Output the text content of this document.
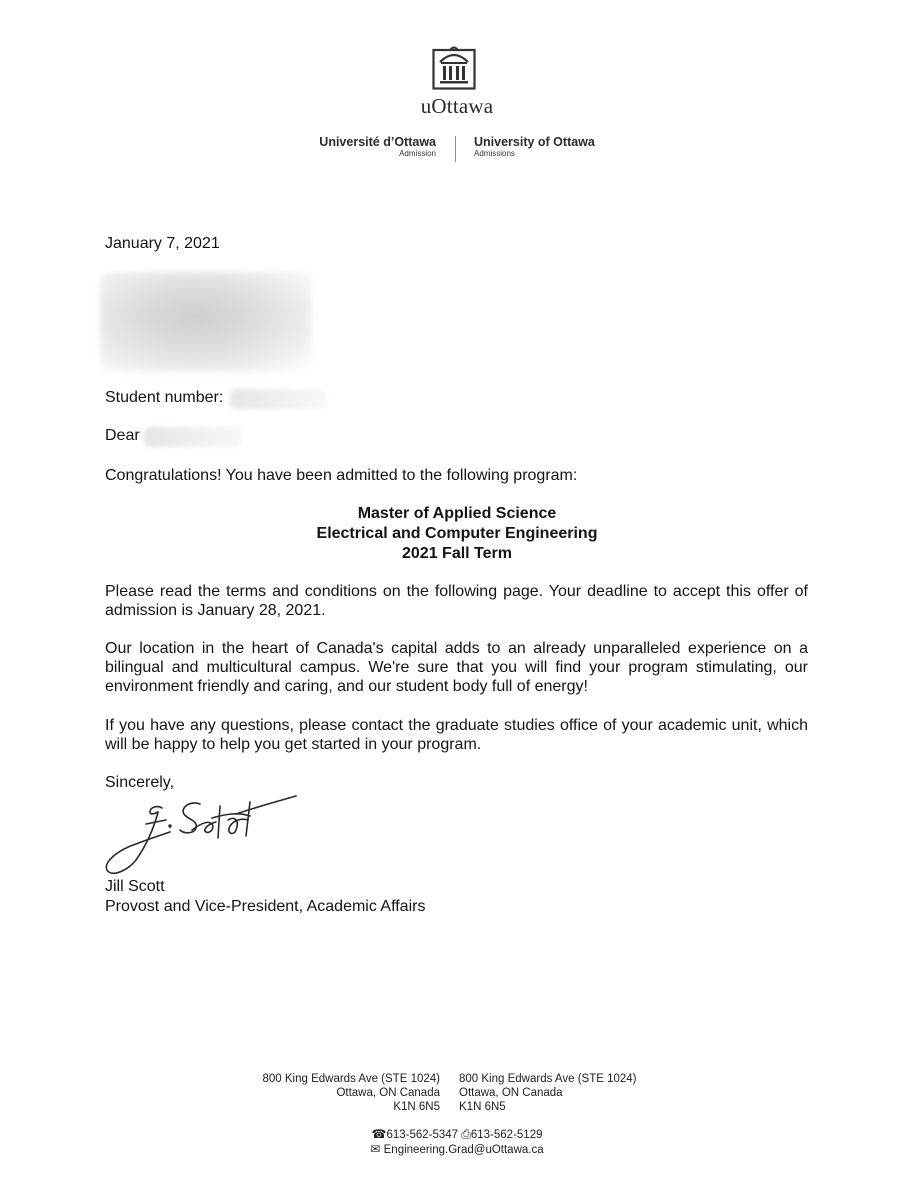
uOttawa
Université d’Ottawa
Admission
University of Ottawa
Admissions
January 7, 2021
Student number:
Dear
Congratulations! You have been admitted to the following program:
Master of Applied Science
Electrical and Computer Engineering
2021 Fall Term
Please read the terms and conditions on the following page. Your deadline to accept this offer of admission is January 28, 2021.
Our location in the heart of Canada's capital adds to an already unparalleled experience on a bilingual and multicultural campus. We're sure that you will find your program stimulating, our environment friendly and caring, and our student body full of energy!
If you have any questions, please contact the graduate studies office of your academic unit, which will be happy to help you get started in your program.
Sincerely,
Jill Scott
Provost and Vice-President, Academic Affairs
800 King Edwards Ave (STE 1024)
Ottawa, ON Canada
K1N 6N5
800 King Edwards Ave (STE 1024)
Ottawa, ON Canada
K1N 6N5
☎613-562-5347 ⎙613-562-5129
✉ Engineering.Grad@uOttawa.ca
